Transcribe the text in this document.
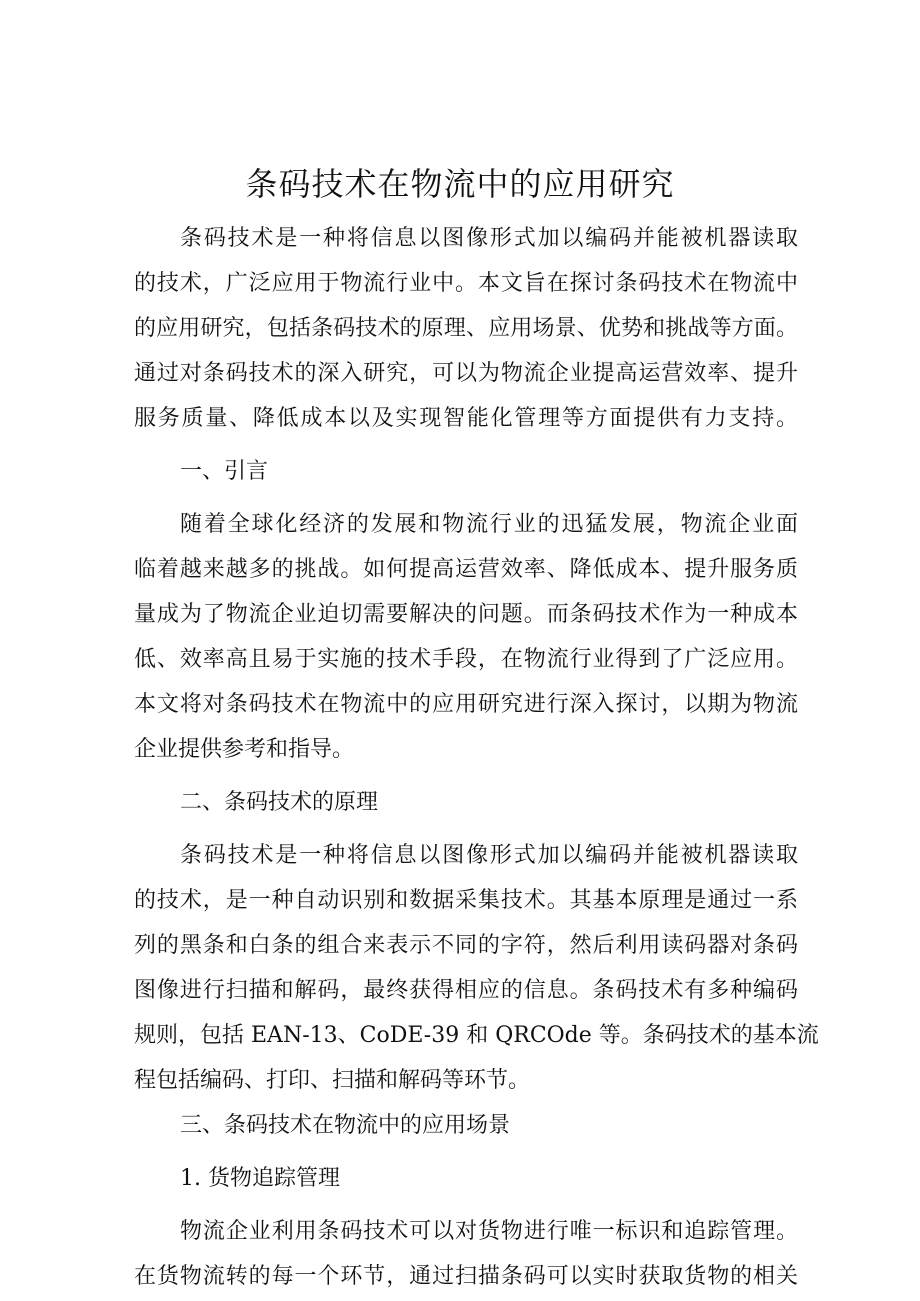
条码技术在物流中的应用研究
条码技术是一种将信息以图像形式加以编码并能被机器读取
的技术，广泛应用于物流行业中。本文旨在探讨条码技术在物流中
的应用研究，包括条码技术的原理、应用场景、优势和挑战等方面。
通过对条码技术的深入研究，可以为物流企业提高运营效率、提升
服务质量、降低成本以及实现智能化管理等方面提供有力支持。
一、引言
随着全球化经济的发展和物流行业的迅猛发展，物流企业面
临着越来越多的挑战。如何提高运营效率、降低成本、提升服务质
量成为了物流企业迫切需要解决的问题。而条码技术作为一种成本
低、效率高且易于实施的技术手段，在物流行业得到了广泛应用。
本文将对条码技术在物流中的应用研究进行深入探讨，以期为物流
企业提供参考和指导。
二、条码技术的原理
条码技术是一种将信息以图像形式加以编码并能被机器读取
的技术，是一种自动识别和数据采集技术。其基本原理是通过一系
列的黑条和白条的组合来表示不同的字符，然后利用读码器对条码
图像进行扫描和解码，最终获得相应的信息。条码技术有多种编码
规则，包括 EAN-13、CoDE-39 和 QRCOde 等。条码技术的基本流
程包括编码、打印、扫描和解码等环节。
三、条码技术在物流中的应用场景
1. 货物追踪管理
物流企业利用条码技术可以对货物进行唯一标识和追踪管理。
在货物流转的每一个环节，通过扫描条码可以实时获取货物的相关
